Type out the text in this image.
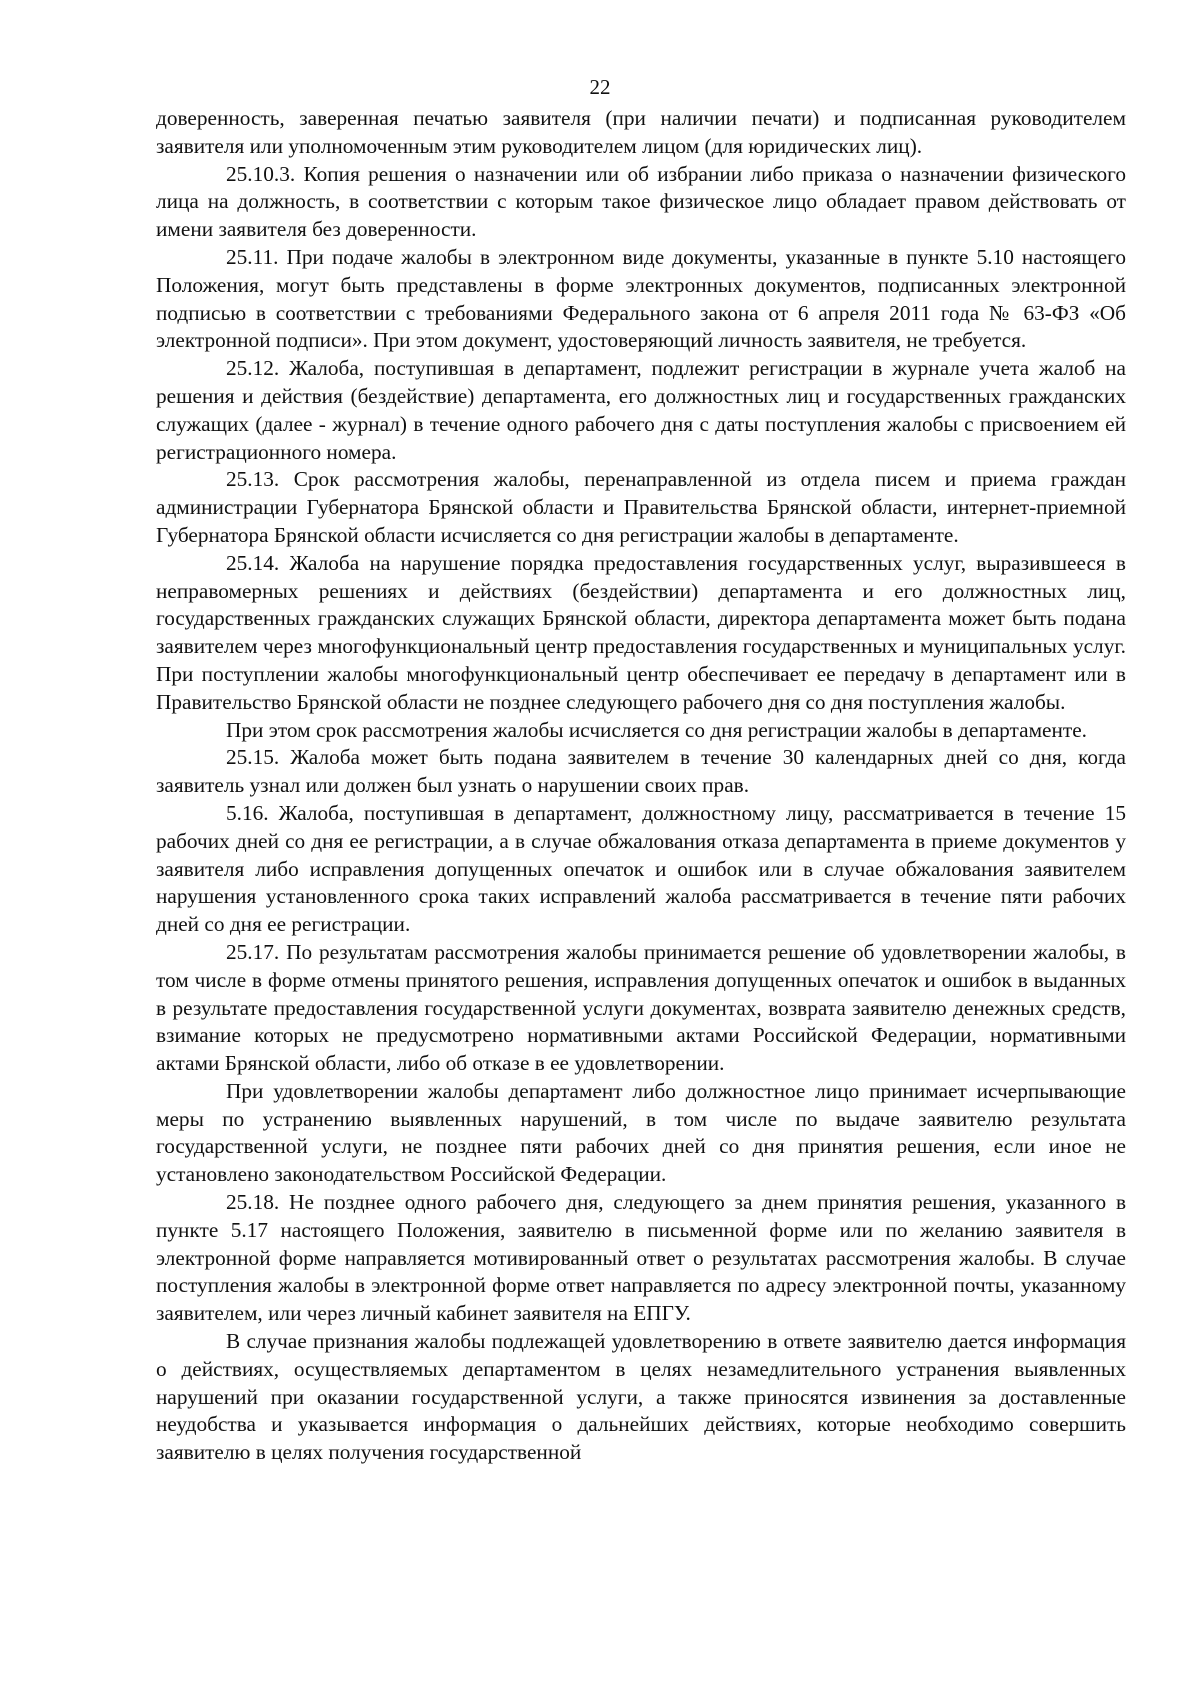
22

доверенность, заверенная печатью заявителя (при наличии печати) и подписанная руководителем заявителя или уполномоченным этим руководителем лицом (для юридических лиц).

25.10.3. Копия решения о назначении или об избрании либо приказа о назначении физического лица на должность, в соответствии с которым такое физическое лицо обладает правом действовать от имени заявителя без доверенности.

25.11. При подаче жалобы в электронном виде документы, указанные в пункте 5.10 настоящего Положения, могут быть представлены в форме электронных документов, подписанных электронной подписью в соответствии с требованиями Федерального закона от 6 апреля 2011 года № 63-ФЗ «Об электронной подписи». При этом документ, удостоверяющий личность заявителя, не требуется.

25.12. Жалоба, поступившая в департамент, подлежит регистрации в журнале учета жалоб на решения и действия (бездействие) департамента, его должностных лиц и государственных гражданских служащих (далее - журнал) в течение одного рабочего дня с даты поступления жалобы с присвоением ей регистрационного номера.

25.13. Срок рассмотрения жалобы, перенаправленной из отдела писем и приема граждан администрации Губернатора Брянской области и Правительства Брянской области, интернет-приемной Губернатора Брянской области исчисляется со дня регистрации жалобы в департаменте.

25.14. Жалоба на нарушение порядка предоставления государственных услуг, выразившееся в неправомерных решениях и действиях (бездействии) департамента и его должностных лиц, государственных гражданских служащих Брянской области, директора департамента может быть подана заявителем через многофункциональный центр предоставления государственных и муниципальных услуг. При поступлении жалобы многофункциональный центр обеспечивает ее передачу в департамент или в Правительство Брянской области не позднее следующего рабочего дня со дня поступления жалобы.

При этом срок рассмотрения жалобы исчисляется со дня регистрации жалобы в департаменте.

25.15. Жалоба может быть подана заявителем в течение 30 календарных дней со дня, когда заявитель узнал или должен был узнать о нарушении своих прав.

5.16. Жалоба, поступившая в департамент, должностному лицу, рассматривается в течение 15 рабочих дней со дня ее регистрации, а в случае обжалования отказа департамента в приеме документов у заявителя либо исправления допущенных опечаток и ошибок или в случае обжалования заявителем нарушения установленного срока таких исправлений жалоба рассматривается в течение пяти рабочих дней со дня ее регистрации.

25.17. По результатам рассмотрения жалобы принимается решение об удовлетворении жалобы, в том числе в форме отмены принятого решения, исправления допущенных опечаток и ошибок в выданных в результате предоставления государственной услуги документах, возврата заявителю денежных средств, взимание которых не предусмотрено нормативными актами Российской Федерации, нормативными актами Брянской области, либо об отказе в ее удовлетворении.

При удовлетворении жалобы департамент либо должностное лицо принимает исчерпывающие меры по устранению выявленных нарушений, в том числе по выдаче заявителю результата государственной услуги, не позднее пяти рабочих дней со дня принятия решения, если иное не установлено законодательством Российской Федерации.

25.18. Не позднее одного рабочего дня, следующего за днем принятия решения, указанного в пункте 5.17 настоящего Положения, заявителю в письменной форме или по желанию заявителя в электронной форме направляется мотивированный ответ о результатах рассмотрения жалобы. В случае поступления жалобы в электронной форме ответ направляется по адресу электронной почты, указанному заявителем, или через личный кабинет заявителя на ЕПГУ.

В случае признания жалобы подлежащей удовлетворению в ответе заявителю дается информация о действиях, осуществляемых департаментом в целях незамедлительного устранения выявленных нарушений при оказании государственной услуги, а также приносятся извинения за доставленные неудобства и указывается информация о дальнейших действиях, которые необходимо совершить заявителю в целях получения государственной
